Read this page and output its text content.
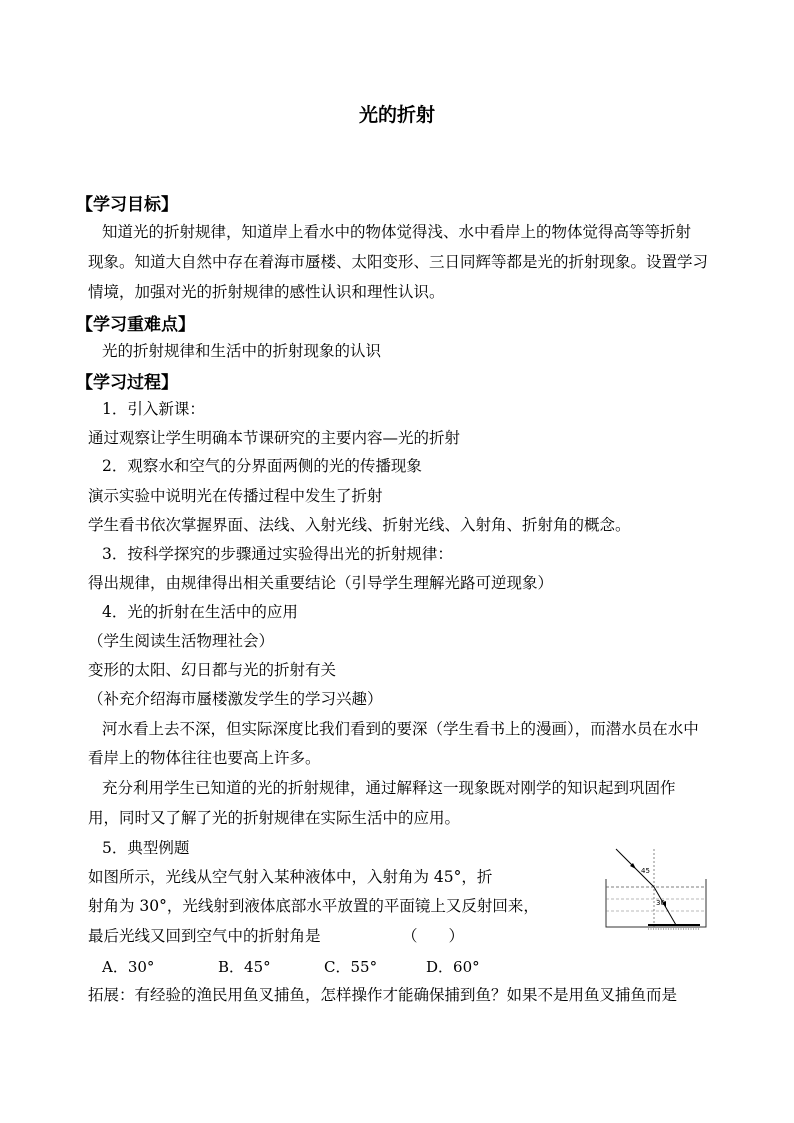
光的折射
【学习目标】
知道光的折射规律，知道岸上看水中的物体觉得浅、水中看岸上的物体觉得高等等折射
现象。知道大自然中存在着海市蜃楼、太阳变形、三日同辉等都是光的折射现象。设置学习
情境，加强对光的折射规律的感性认识和理性认识。
【学习重难点】
光的折射规律和生活中的折射现象的认识
【学习过程】
1．引入新课：
通过观察让学生明确本节课研究的主要内容—光的折射
2．观察水和空气的分界面两侧的光的传播现象
演示实验中说明光在传播过程中发生了折射
学生看书依次掌握界面、法线、入射光线、折射光线、入射角、折射角的概念。
3．按科学探究的步骤通过实验得出光的折射规律：
得出规律，由规律得出相关重要结论（引导学生理解光路可逆现象）
4．光的折射在生活中的应用
（学生阅读生活物理社会）
变形的太阳、幻日都与光的折射有关
（补充介绍海市蜃楼激发学生的学习兴趣）
河水看上去不深，但实际深度比我们看到的要深（学生看书上的漫画），而潜水员在水中
看岸上的物体往往也要高上许多。
充分利用学生已知道的光的折射规律，通过解释这一现象既对刚学的知识起到巩固作
用，同时又了解了光的折射规律在实际生活中的应用。
5．典型例题
如图所示，光线从空气射入某种液体中，入射角为 45°，折
射角为 30°，光线射到液体底部水平放置的平面镜上又反射回来，
最后光线又回到空气中的折射角是	（　　）
A．30°	B．45°	C．55°	D．60°
拓展：有经验的渔民用鱼叉捕鱼，怎样操作才能确保捕到鱼？如果不是用鱼叉捕鱼而是
45
30
